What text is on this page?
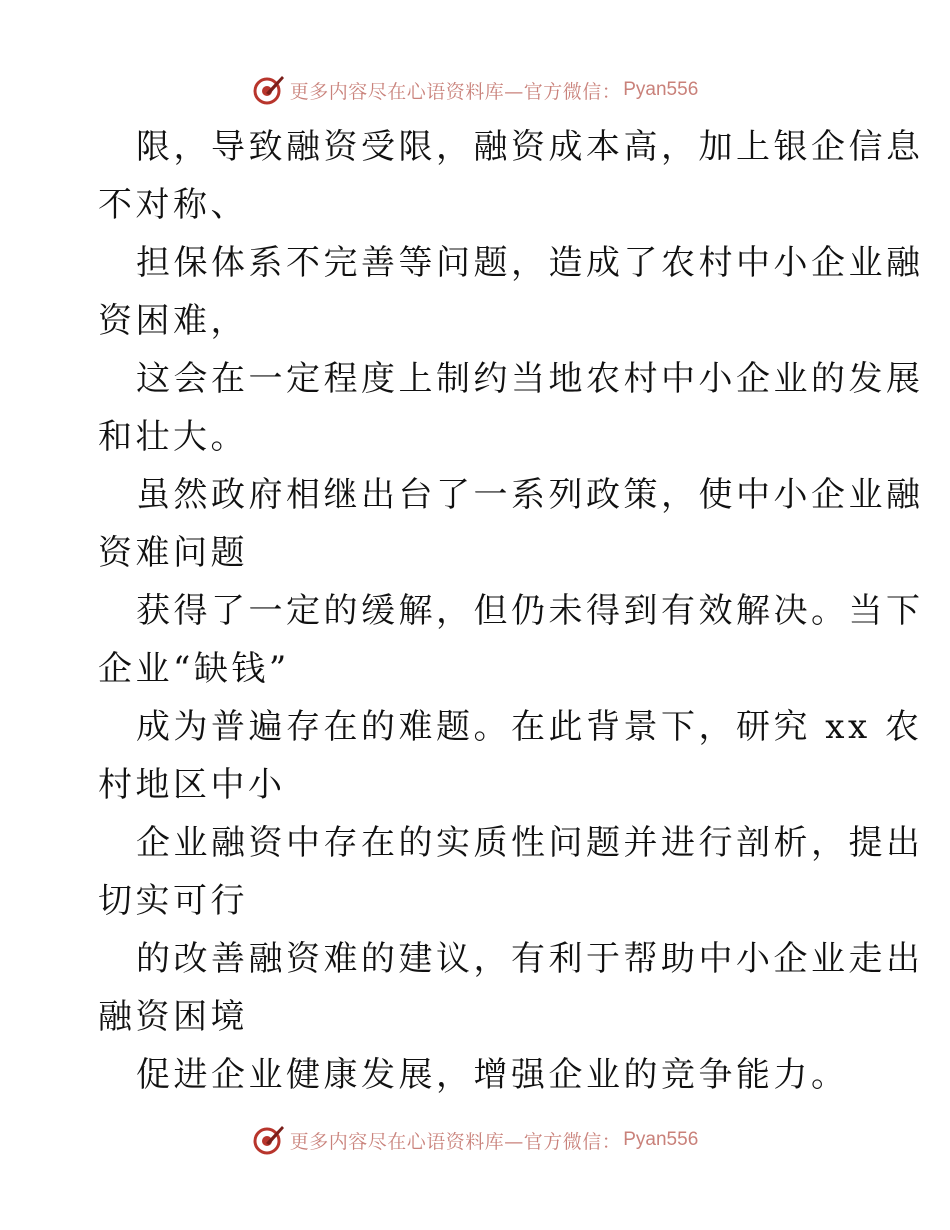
更多内容尽在心语资料库—官方微信： Pyan556
限，导致融资受限，融资成本高，加上银企信息
不对称、
担保体系不完善等问题，造成了农村中小企业融
资困难，
这会在一定程度上制约当地农村中小企业的发展
和壮大。
虽然政府相继出台了一系列政策，使中小企业融
资难问题
获得了一定的缓解，但仍未得到有效解决。当下
企业“缺钱”
成为普遍存在的难题。在此背景下，研究 xx 农
村地区中小
企业融资中存在的实质性问题并进行剖析，提出
切实可行
的改善融资难的建议，有利于帮助中小企业走出
融资困境
促进企业健康发展，增强企业的竞争能力。
更多内容尽在心语资料库—官方微信： Pyan556
